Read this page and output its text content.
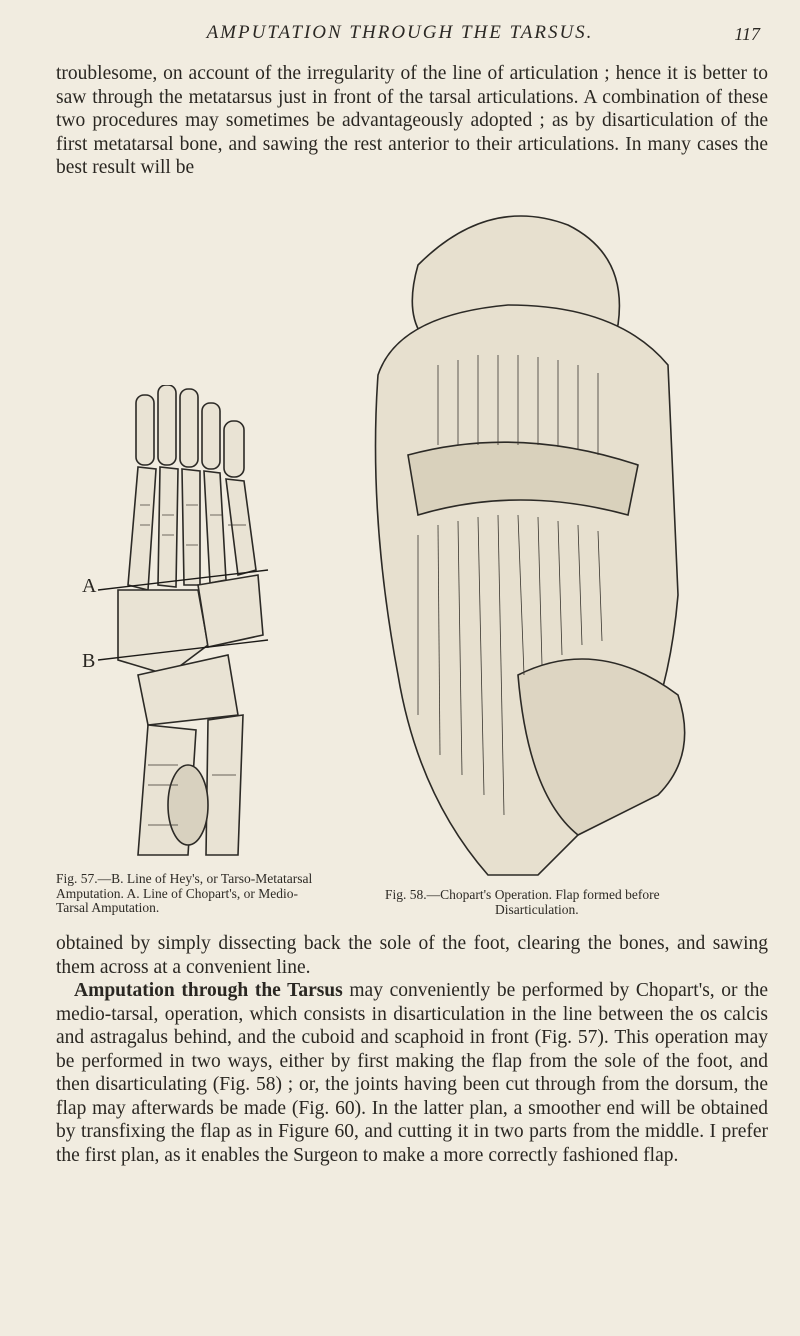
AMPUTATION THROUGH THE TARSUS.	117

troublesome, on account of the irregularity of the line of articulation ; hence it is better to saw through the metatarsus just in front of the tarsal articulations. A combination of these two procedures may sometimes be advantageously adopted ; as by disarticulation of the first metatarsal bone, and sawing the rest anterior to their articulations. In many cases the best result will be

A
B
Fig. 57.—B. Line of Hey's, or Tarso-Metatarsal Amputation. A. Line of Chopart's, or Medio-Tarsal Amputation.
Fig. 58.—Chopart's Operation. Flap formed before
Disarticulation.

obtained by simply dissecting back the sole of the foot, clearing the bones, and sawing them across at a convenient line.
Amputation through the Tarsus may conveniently be performed by Chopart's, or the medio-tarsal, operation, which consists in disarticulation in the line between the os calcis and astragalus behind, and the cuboid and scaphoid in front (Fig. 57). This operation may be performed in two ways, either by first making the flap from the sole of the foot, and then disarticulating (Fig. 58) ; or, the joints having been cut through from the dorsum, the flap may afterwards be made (Fig. 60). In the latter plan, a smoother end will be obtained by transfixing the flap as in Figure 60, and cutting it in two parts from the middle. I prefer the first plan, as it enables the Surgeon to make a more correctly fashioned flap.
